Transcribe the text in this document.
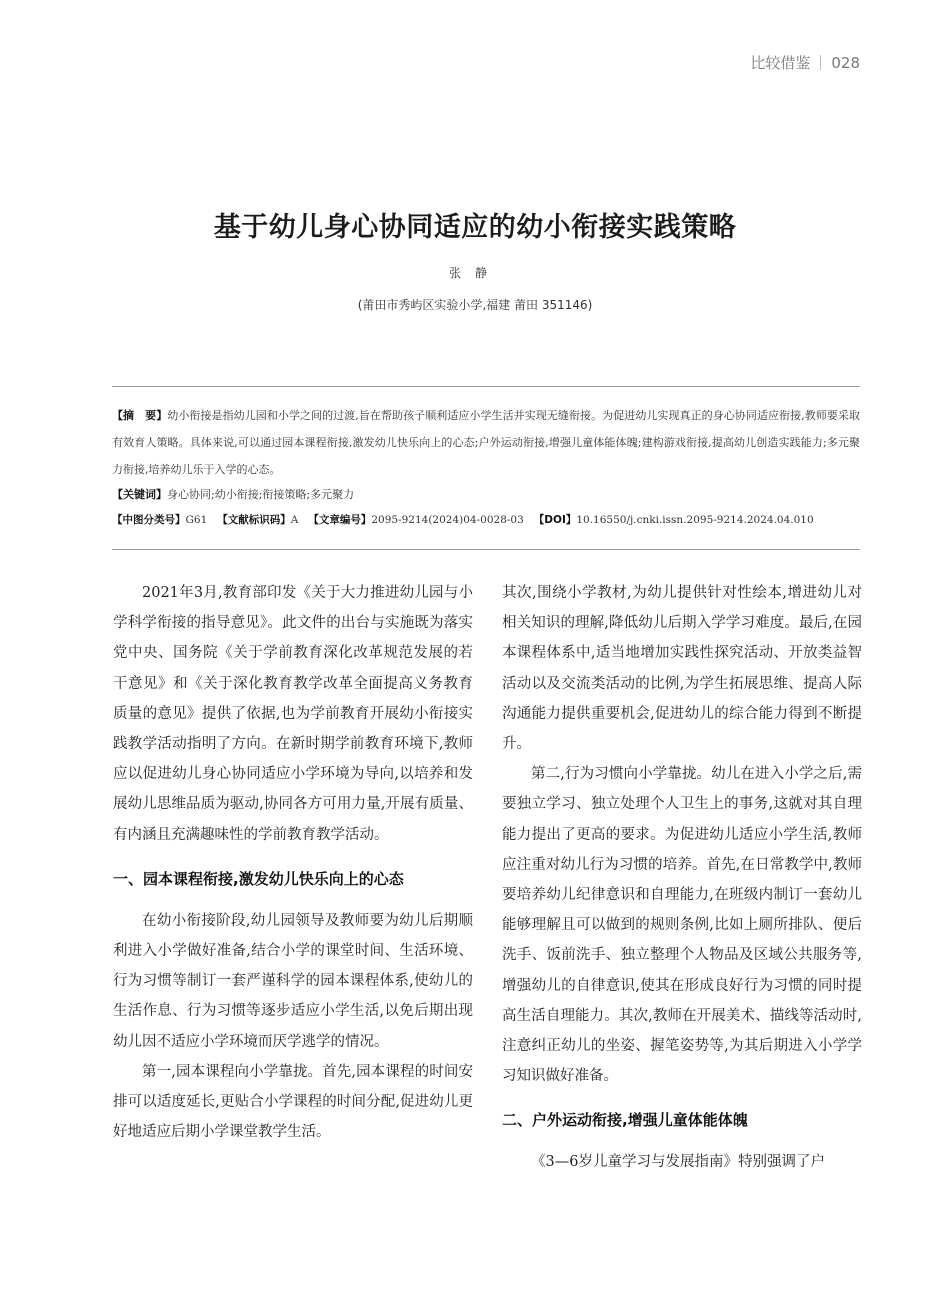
比较借鉴 028
基于幼儿身心协同适应的幼小衔接实践策略
张静
(莆田市秀屿区实验小学,福建 莆田 351146)

【摘　要】幼小衔接是指幼儿园和小学之间的过渡,旨在帮助孩子顺利适应小学生活并实现无缝衔接。为促进幼儿实现真正的身心协同适应衔接,教师要采取有效育人策略。具体来说,可以通过园本课程衔接,激发幼儿快乐向上的心态;户外运动衔接,增强儿童体能体魄;建构游戏衔接,提高幼儿创造实践能力;多元聚力衔接,培养幼儿乐于入学的心态。

【关键词】身心协同;幼小衔接;衔接策略;多元聚力
【中图分类号】G61 【文献标识码】A 【文章编号】2095-9214(2024)04-0028-03 【DOI】10.16550/j.cnki.issn.2095-9214.2024.04.010

2021年3月,教育部印发《关于大力推进幼儿园与小学科学衔接的指导意见》。此文件的出台与实施既为落实党中央、国务院《关于学前教育深化改革规范发展的若干意见》和《关于深化教育教学改革全面提高义务教育质量的意见》提供了依据,也为学前教育开展幼小衔接实践教学活动指明了方向。在新时期学前教育环境下,教师应以促进幼儿身心协同适应小学环境为导向,以培养和发展幼儿思维品质为驱动,协同各方可用力量,开展有质量、有内涵且充满趣味性的学前教育教学活动。

一、园本课程衔接,激发幼儿快乐向上的心态

在幼小衔接阶段,幼儿园领导及教师要为幼儿后期顺利进入小学做好准备,结合小学的课堂时间、生活环境、行为习惯等制订一套严谨科学的园本课程体系,使幼儿的生活作息、行为习惯等逐步适应小学生活,以免后期出现幼儿因不适应小学环境而厌学逃学的情况。

第一,园本课程向小学靠拢。首先,园本课程的时间安排可以适度延长,更贴合小学课程的时间分配,促进幼儿更好地适应后期小学课堂教学生活。

其次,围绕小学教材,为幼儿提供针对性绘本,增进幼儿对相关知识的理解,降低幼儿后期入学学习难度。最后,在园本课程体系中,适当地增加实践性探究活动、开放类益智活动以及交流类活动的比例,为学生拓展思维、提高人际沟通能力提供重要机会,促进幼儿的综合能力得到不断提升。

第二,行为习惯向小学靠拢。幼儿在进入小学之后,需要独立学习、独立处理个人卫生上的事务,这就对其自理能力提出了更高的要求。为促进幼儿适应小学生活,教师应注重对幼儿行为习惯的培养。首先,在日常教学中,教师要培养幼儿纪律意识和自理能力,在班级内制订一套幼儿能够理解且可以做到的规则条例,比如上厕所排队、便后洗手、饭前洗手、独立整理个人物品及区域公共服务等,增强幼儿的自律意识,使其在形成良好行为习惯的同时提高生活自理能力。其次,教师在开展美术、描线等活动时,注意纠正幼儿的坐姿、握笔姿势等,为其后期进入小学学习知识做好准备。

二、户外运动衔接,增强儿童体能体魄

《3—6岁儿童学习与发展指南》特别强调了户
